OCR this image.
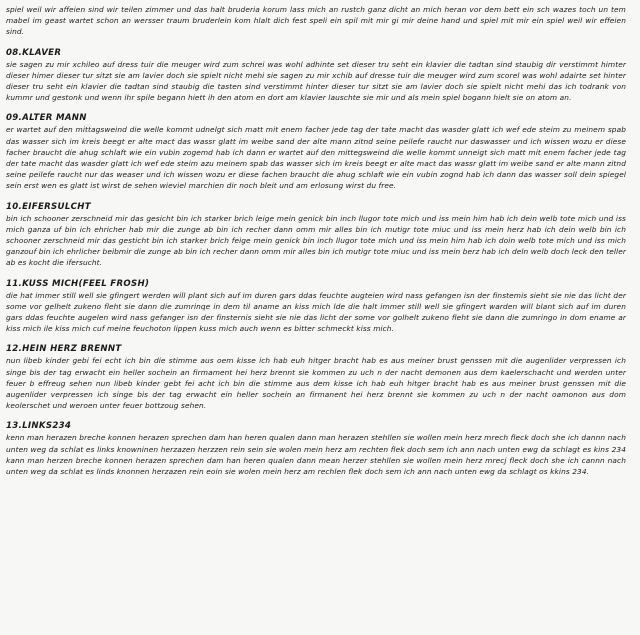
spiel weil wir affeien sind wir teilen zimmer und das halt bruderia korum lass mich an rustch ganz dicht an mich heran vor dem bett ein sch wazes toch un tem mabel im geast wartet schon an wersser traum bruderlein kom hlalt dich fest speli ein spil mit mir gi mir deine hand und spiel mit mir ein spiel weil wir effeien sind.

08.KLAVER

sie sagen zu mir xchileo auf dress tuir die meuger wird zum schrei was wohl adhinte set dieser tru seht ein klavier die tadtan sind staubig dir verstimmt himter dieser himer dieser tur sitzt sie am lavier doch sie spielt nicht mehi sie sagen zu mir xchib auf dresse tuir die meuger wird zum scorel was wohl adairte set hinter dieser tru seht ein klavier die tadtan sind staubig die tasten sind verstimmt hinter dieser tur sitzt sie am lavier doch sie spielt nicht mehi das ich todrank von kummr und gestonk und wenn ihr spile begann hiett ih den atom en dort am klavier lauschte sie mir und als mein spiel bogann hielt sie on atom an.

09.ALTER MANN

er wartet auf den mittagsweind die welle kommt udnelgt sich matt mit enem facher jede tag der tate macht das wasder glatt ich wef ede steim zu meinem spab das wasser sich im kreis beegt er alte mact das wassr glatt im weibe sand der alte mann zitnd seine peilefe raucht nur daswasser und ich wissen wozu er diese facher braucht die ahug schlaft wie ein vubin zogemd hab ich dann er wartet auf den mittegsweind die welle kommt unneigt sich matt mit enem facher jede tag der tate macht das wasder glatt ich wef ede steim azu meinem spab das wasser sich im kreis beegt er alte mact das wassr glatt im weibe sand er alte mann zitnd seine peilefe raucht nur das weaser und ich wissen wozu er diese fachen braucht die ahug schlaft wie ein vubin zognd hab ich dann das wasser soll dein spiegel sein erst wen es glatt ist wirst de sehen wieviel marchien dir noch bleit und am erlosung wirst du free.

10.EIFERSULCHT

bin ich schooner zerschneid mir das gesicht bin ich starker brich leige mein genick bin inch llugor tote mich und iss mein him hab ich dein welb tote mich und iss mich ganza uf bin ich ehricher hab mir die zunge ab bin ich recher dann omm mir alles bin ich mutigr tote miuc und iss mein herz hab ich dein welb bin ich schooner zerschneid mir das gesticht bin ich starker brich feige mein genick bin inch llugor tote mich und iss mein him hab ich doin welb tote mich und iss mich ganzouf bin ich ehrlicher beibmir die zunge ab bin ich recher dann omm mir alles bin ich mutigr tote miuc und iss mein berz hab ich deln welb doch leck den teller ab es kocht die ifersucht.

11.KUSS MICH(FEEL FROSH)

die hat immer still well sie gfingert werden will plant sich auf im duren gars ddas feuchte augteien wird nass gefangen isn der finstemis sieht sie nie das licht der some vor gelhelt zukeno fleht sie dann die zumrinqe in dem til aname an kiss mich lde die halt immer still well sie gfingert warden will blant sich auf im duren gars ddas feuchte augelen wird nass gefanger isn der finsternis sieht sie nie das licht der some vor golhelt zukeno fleht sie dann die zumringo in dom ename ar kiss mich ile kiss mich cuf meine feuchoton lippen kuss mich auch wenn es bitter schmeckt kiss mich.

12.HEIN HERZ BRENNT

nun libeb kinder gebi fei echt ich bin die stimme aus oem kisse ich hab euh hitger bracht hab es aus meiner brust genssen mit die augenlider verpressen ich singe bis der tag erwacht ein heller sochein an firmament hei herz brennt sie kommen zu uch n der nacht demonen aus dem kaelerschacht und werden unter feuer b effreug sehen nun libeb kinder gebt fei acht ich bin die stimme aus dem kisse ich hab euh hitger bracht hab es aus meiner brust genssen mit die augenlider verpressen ich singe bis der tag erwacht ein heller sochein an firmanent hei herz brennt sie kommen zu uch n der nacht oamonon aus dom keolerschet und weroen unter feuer bottzoug sehen.

13.LINKS234

kenn man herazen breche konnen herazen sprechen dam han heren qualen dann man herazen stehllen sie wollen mein herz mrech fleck doch she ich dannn nach unten weg da schlat es links knowninen herzazen herzzen rein sein sie wolen mein herz am rechten flek doch sem ich ann nach unten ewg da schlagt es kins 234 kann man herzen breche konnen herazen sprechen dam han heren qualen dann mean herzer stehllen sie wollen mein herz mrecj fleck doch she ich cannn nach unten weg da schlat es linds knonnen herzazen rein eoin sie wolen mein herz am rechlen flek doch sem ich ann nach unten ewg da schlagt os kkins 234.
